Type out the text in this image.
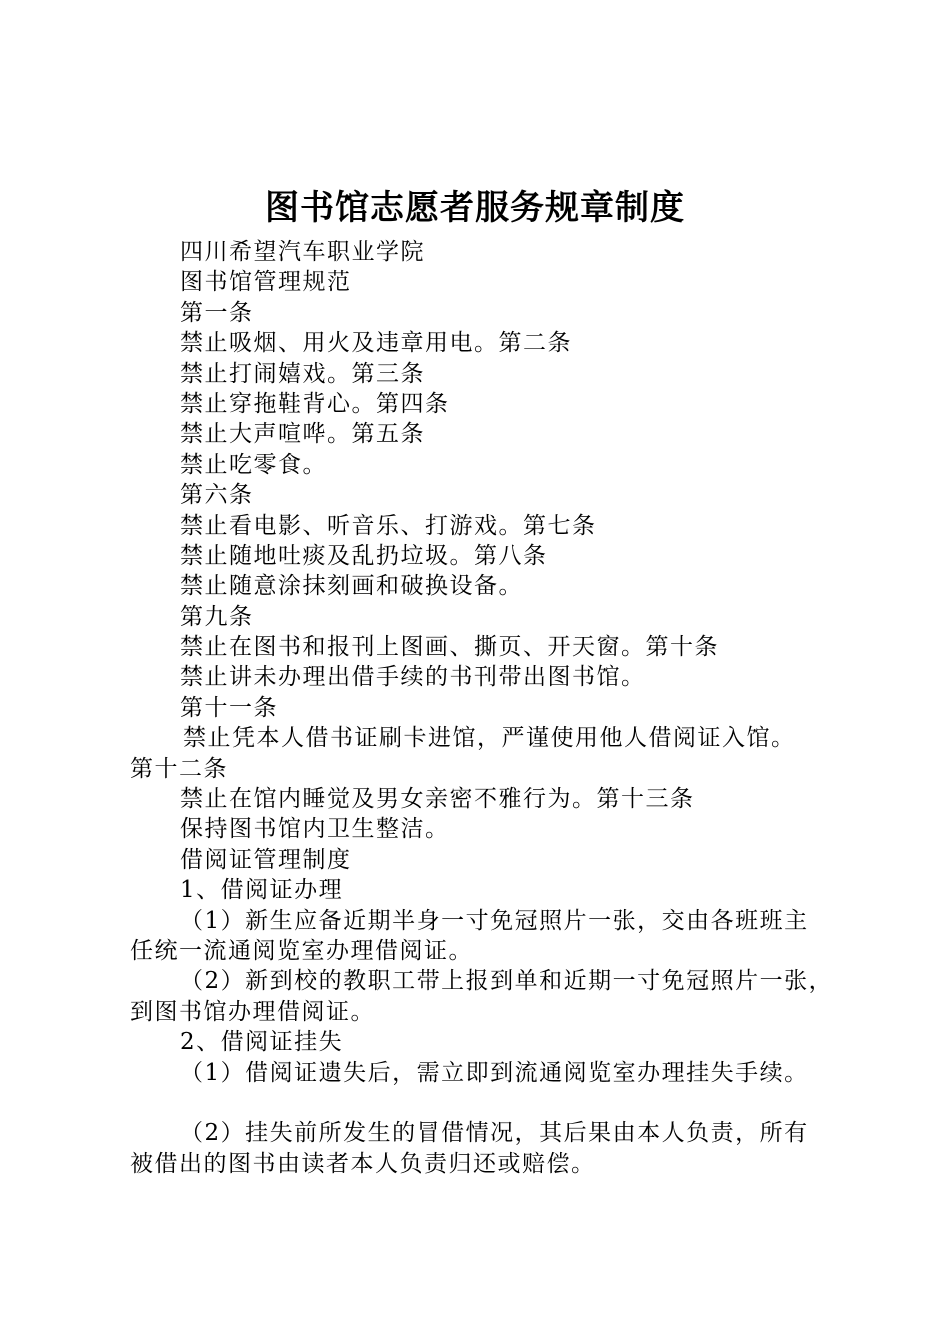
图书馆志愿者服务规章制度
四川希望汽车职业学院
图书馆管理规范
第一条
禁止吸烟、用火及违章用电。第二条
禁止打闹嬉戏。第三条
禁止穿拖鞋背心。第四条
禁止大声喧哗。第五条
禁止吃零食。
第六条
禁止看电影、听音乐、打游戏。第七条
禁止随地吐痰及乱扔垃圾。第八条
禁止随意涂抹刻画和破换设备。
第九条
禁止在图书和报刊上图画、撕页、开天窗。第十条
禁止讲未办理出借手续的书刊带出图书馆。
第十一条
禁止凭本人借书证刷卡进馆，严谨使用他人借阅证入馆。
第十二条
禁止在馆内睡觉及男女亲密不雅行为。第十三条
保持图书馆内卫生整洁。
借阅证管理制度
1、借阅证办理
（1）新生应备近期半身一寸免冠照片一张，交由各班班主
任统一流通阅览室办理借阅证。
（2）新到校的教职工带上报到单和近期一寸免冠照片一张，
到图书馆办理借阅证。
2、借阅证挂失
（1）借阅证遗失后，需立即到流通阅览室办理挂失手续。
（2）挂失前所发生的冒借情况，其后果由本人负责，所有
被借出的图书由读者本人负责归还或赔偿。
